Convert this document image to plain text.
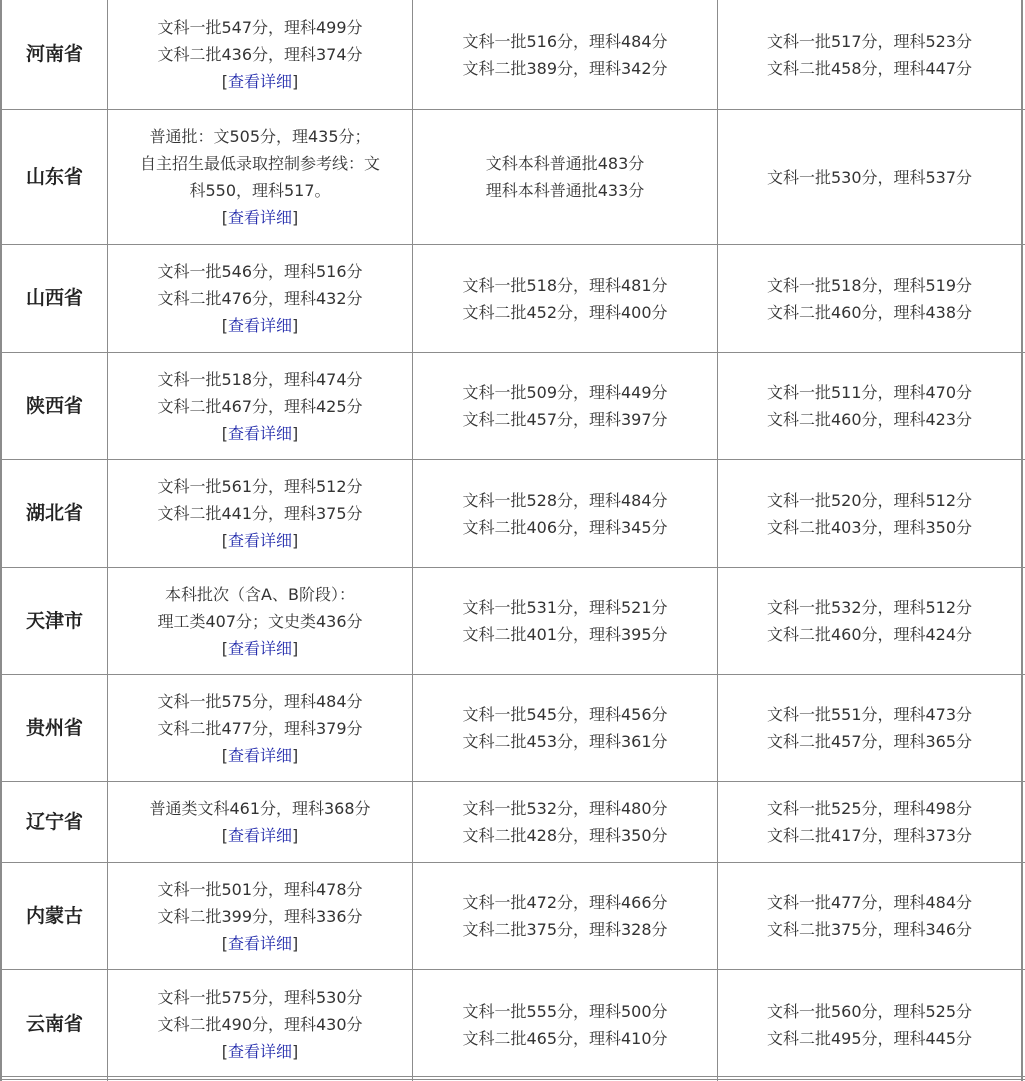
河南省
文科一批547分，理科499分
文科二批436分，理科374分
[查看详细]
文科一批516分，理科484分
文科二批389分，理科342分
文科一批517分，理科523分
文科二批458分，理科447分
山东省
普通批：文505分，理435分；
自主招生最低录取控制参考线：文
科550，理科517。
[查看详细]
文科本科普通批483分
理科本科普通批433分
文科一批530分，理科537分
山西省
文科一批546分，理科516分
文科二批476分，理科432分
[查看详细]
文科一批518分，理科481分
文科二批452分，理科400分
文科一批518分，理科519分
文科二批460分，理科438分
陕西省
文科一批518分，理科474分
文科二批467分，理科425分
[查看详细]
文科一批509分，理科449分
文科二批457分，理科397分
文科一批511分，理科470分
文科二批460分，理科423分
湖北省
文科一批561分，理科512分
文科二批441分，理科375分
[查看详细]
文科一批528分，理科484分
文科二批406分，理科345分
文科一批520分，理科512分
文科二批403分，理科350分
天津市
本科批次（含A、B阶段）：
理工类407分；文史类436分
[查看详细]
文科一批531分，理科521分
文科二批401分，理科395分
文科一批532分，理科512分
文科二批460分，理科424分
贵州省
文科一批575分，理科484分
文科二批477分，理科379分
[查看详细]
文科一批545分，理科456分
文科二批453分，理科361分
文科一批551分，理科473分
文科二批457分，理科365分
辽宁省
普通类文科461分，理科368分
[查看详细]
文科一批532分，理科480分
文科二批428分，理科350分
文科一批525分，理科498分
文科二批417分，理科373分
内蒙古
文科一批501分，理科478分
文科二批399分，理科336分
[查看详细]
文科一批472分，理科466分
文科二批375分，理科328分
文科一批477分，理科484分
文科二批375分，理科346分
云南省
文科一批575分，理科530分
文科二批490分，理科430分
[查看详细]
文科一批555分，理科500分
文科二批465分，理科410分
文科一批560分，理科525分
文科二批495分，理科445分
